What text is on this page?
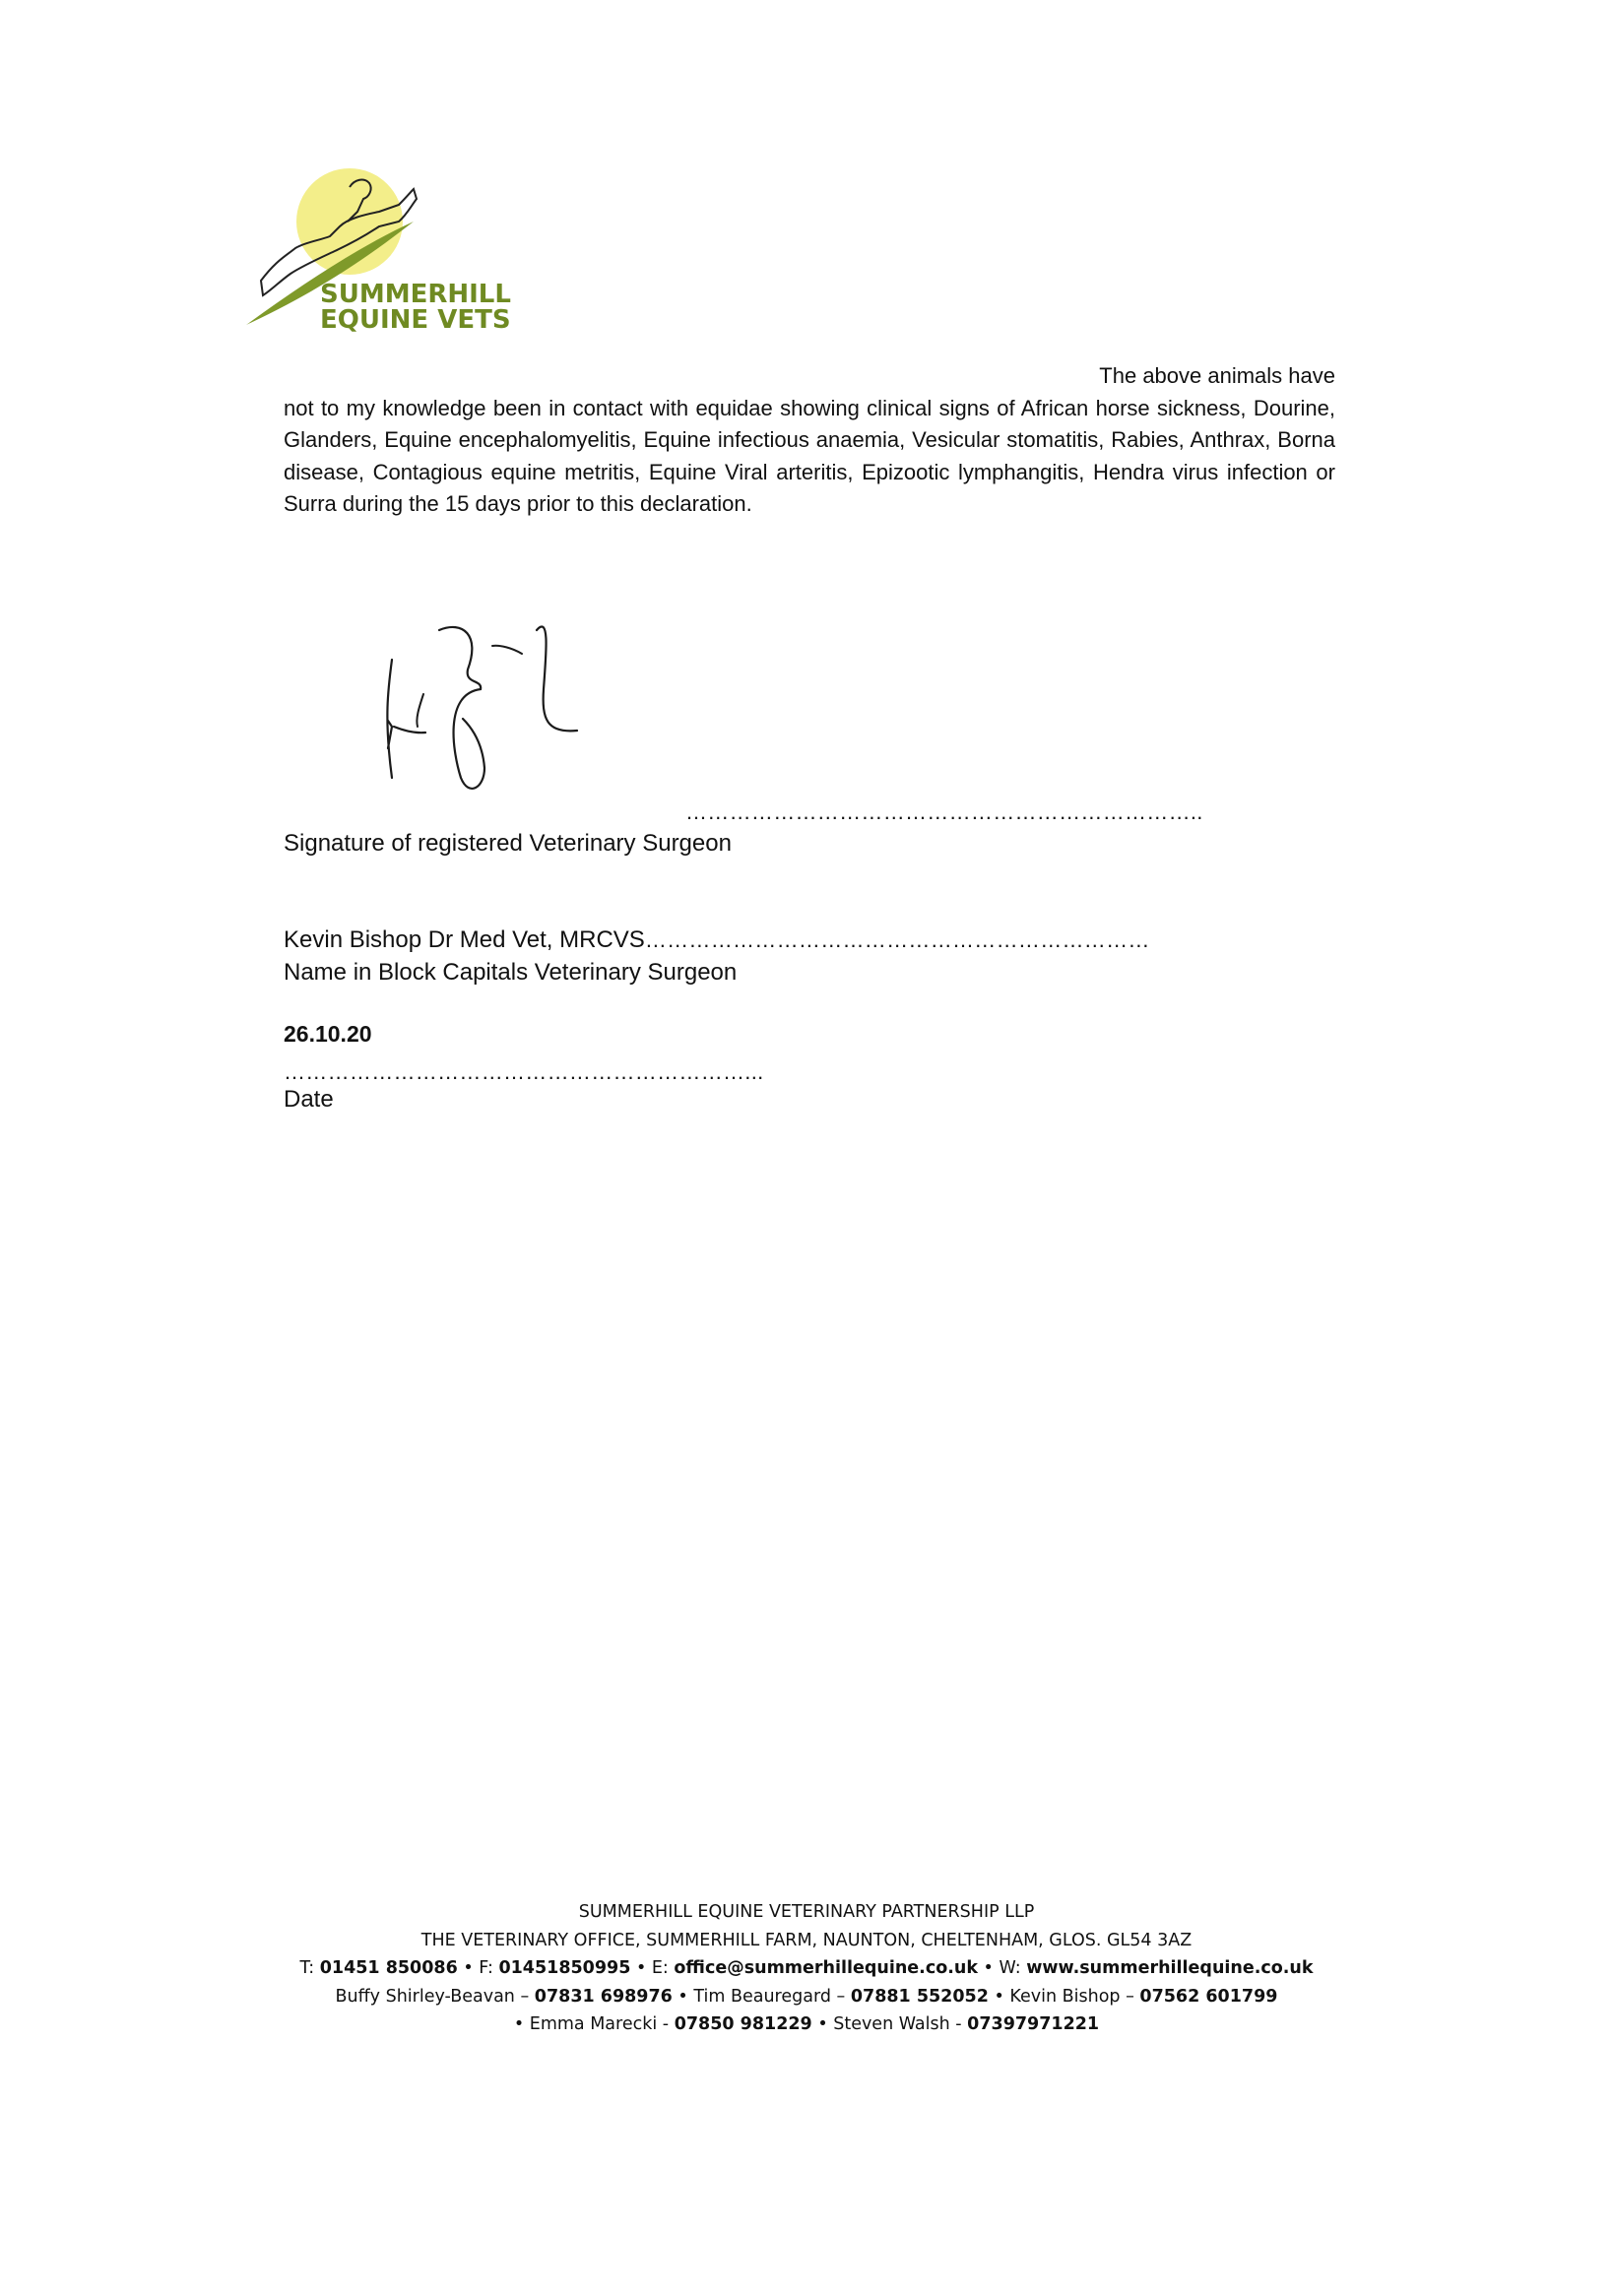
SUMMERHILL
EQUINE VETS
The above animals have
not to my knowledge been in contact with equidae showing clinical signs of African horse sickness, Dourine, Glanders, Equine encephalomyelitis, Equine infectious anaemia, Vesicular stomatitis, Rabies, Anthrax, Borna disease, Contagious equine metritis, Equine Viral arteritis, Epizootic lymphangitis, Hendra virus infection or Surra during the 15 days prior to this declaration.
……………………………………………………………..
Signature of registered Veterinary Surgeon
Kevin Bishop Dr Med Vet, MRCVS……………………………………………………………
Name in Block Capitals Veterinary Surgeon
26.10.20
………………………………………………………...
Date
SUMMERHILL EQUINE VETERINARY PARTNERSHIP LLP
THE VETERINARY OFFICE, SUMMERHILL FARM, NAUNTON, CHELTENHAM, GLOS. GL54 3AZ
T: 01451 850086 • F: 01451850995 • E: office@summerhillequine.co.uk • W: www.summerhillequine.co.uk
Buffy Shirley-Beavan – 07831 698976 • Tim Beauregard – 07881 552052 • Kevin Bishop – 07562 601799
• Emma Marecki - 07850 981229 • Steven Walsh - 07397971221
